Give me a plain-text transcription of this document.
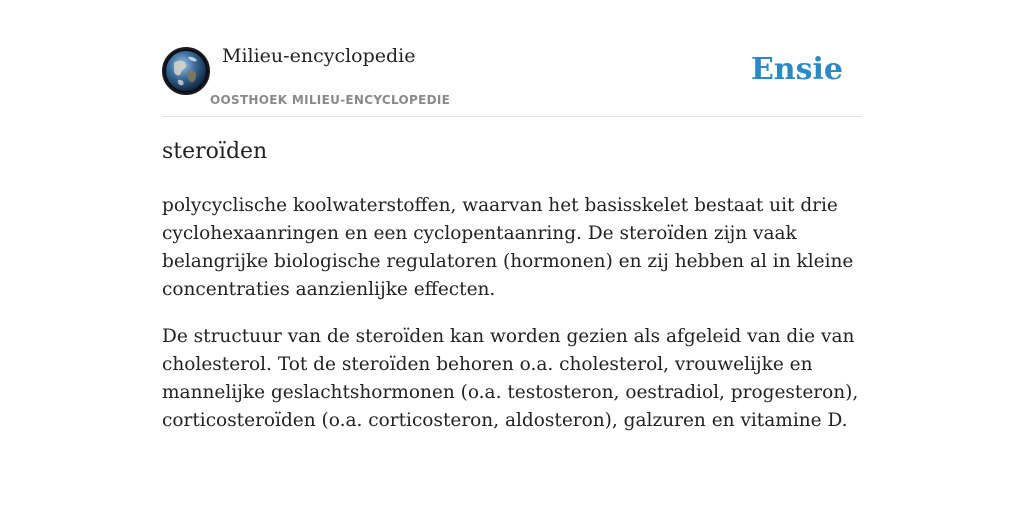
Milieu-encyclopedie
OOSTHOEK MILIEU-ENCYCLOPEDIE
Ensie
steroïden

polycyclische koolwaterstoffen, waarvan het basisskelet bestaat uit drie cyclohexaanringen en een cyclopentaanring. De steroïden zijn vaak belangrijke biologische regulatoren (hormonen) en zij hebben al in kleine concentraties aanzienlijke effecten.

De structuur van de steroïden kan worden gezien als afgeleid van die van cholesterol. Tot de steroïden behoren o.a. cholesterol, vrouwelijke en mannelijke geslachtshormonen (o.a. testosteron, oestradiol, progesteron), corticosteroïden (o.a. corticosteron, aldosteron), galzuren en vitamine D.
